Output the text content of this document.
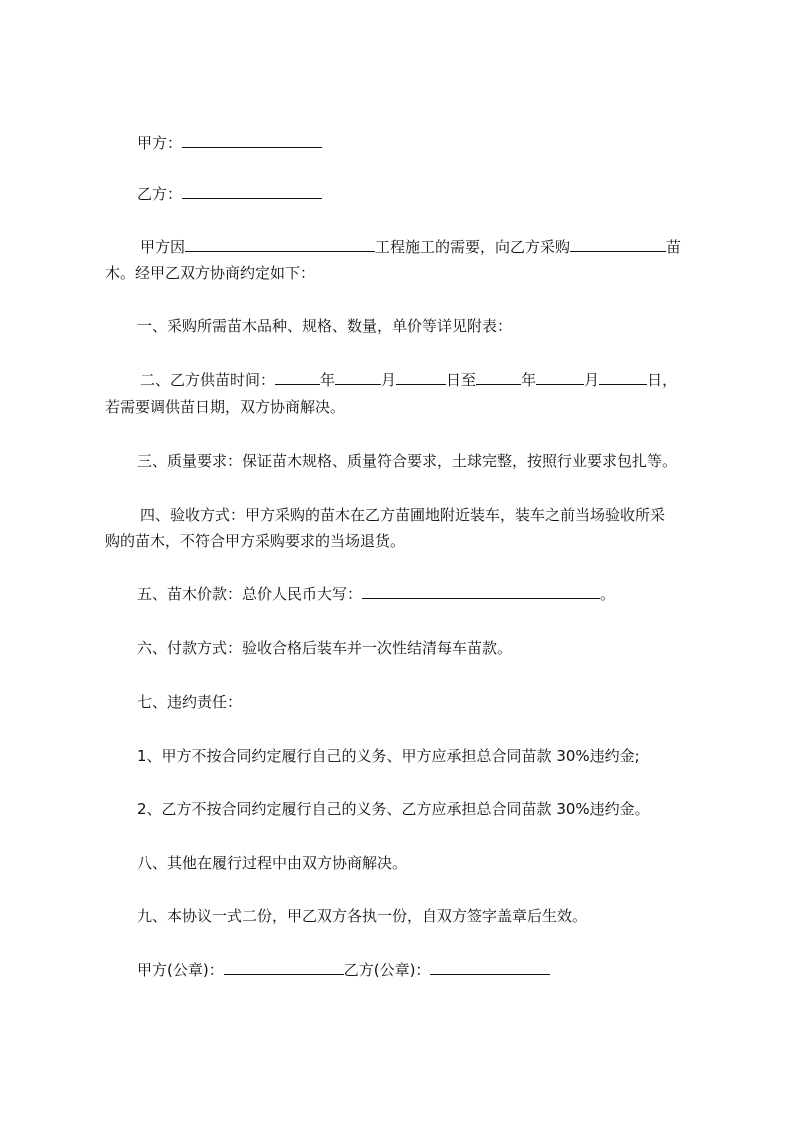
甲方：
乙方：
甲方因	工程施工的需要，向乙方采购	苗
木。经甲乙双方协商约定如下：
一、采购所需苗木品种、规格、数量，单价等详见附表：
二、乙方供苗时间：	年	月	日至	年	月	日，
若需要调供苗日期，双方协商解决。
三、质量要求：保证苗木规格、质量符合要求，土球完整，按照行业要求包扎等。
四、验收方式：甲方采购的苗木在乙方苗圃地附近装车，装车之前当场验收所采
购的苗木，不符合甲方采购要求的当场退货。
五、苗木价款：总价人民币大写：	。
六、付款方式：验收合格后装车并一次性结清每车苗款。
七、违约责任：
1、甲方不按合同约定履行自己的义务、甲方应承担总合同苗款 30%违约金;
2、乙方不按合同约定履行自己的义务、乙方应承担总合同苗款 30%违约金。
八、其他在履行过程中由双方协商解决。
九、本协议一式二份，甲乙双方各执一份，自双方签字盖章后生效。
甲方(公章)：	乙方(公章)：
